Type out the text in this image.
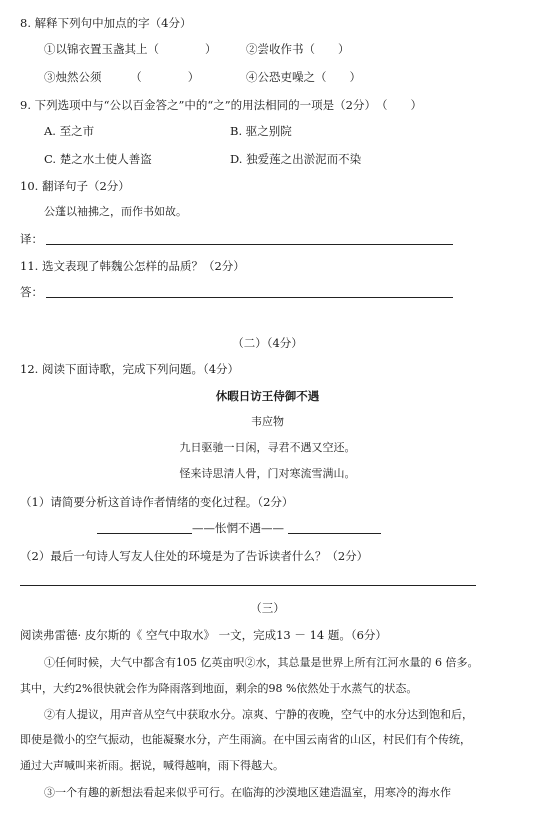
8. 解释下列句中加点的字（4分）
①以锦衣置玉盏其上（　　　　）	②尝收作书（　　）
③烛然公须　　　（　　　　）	④公恐吏噪之（　　）
9. 下列选项中与“公以百金答之”中的“之”的用法相同的一项是（2分）　（　　）
A. 至之市	B. 驱之别院
C. 楚之水土使人善盗	D. 独爱莲之出淤泥而不染
10. 翻译句子（2分）
公蓬以袖拂之，而作书如故。
译：
11. 选文表现了韩魏公怎样的品质？（2分）
答：
（二）（4分）
12. 阅读下面诗歌，完成下列问题。（4分）
休暇日访王侍御不遇
韦应物
九日驱驰一日闲，寻君不遇又空还。
怪来诗思清人骨，门对寒流雪满山。
（1）请简要分析这首诗作者情绪的变化过程。（2分）
——怅惘不遇——
（2）最后一句诗人写友人住处的环境是为了告诉读者什么？（2分）
（三）
阅读弗雷德· 皮尔斯的《 空气中取水》 一文，完成13 － 14 题。（6分）
①任何时候，大气中都含有105 亿英亩呎②水，其总量是世界上所有江河水量的 6 倍多。
其中，大约2%很快就会作为降雨落到地面，剩余的98 %依然处于水蒸气的状态。
②有人提议，用声音从空气中获取水分。凉爽、宁静的夜晚，空气中的水分达到饱和后，
即使是微小的空气振动，也能凝聚水分，产生雨滴。在中国云南省的山区，村民们有个传统，
通过大声喊叫来祈雨。据说，喊得越响，雨下得越大。
③一个有趣的新想法看起来似乎可行。在临海的沙漠地区建造温室，用寒冷的海水作
